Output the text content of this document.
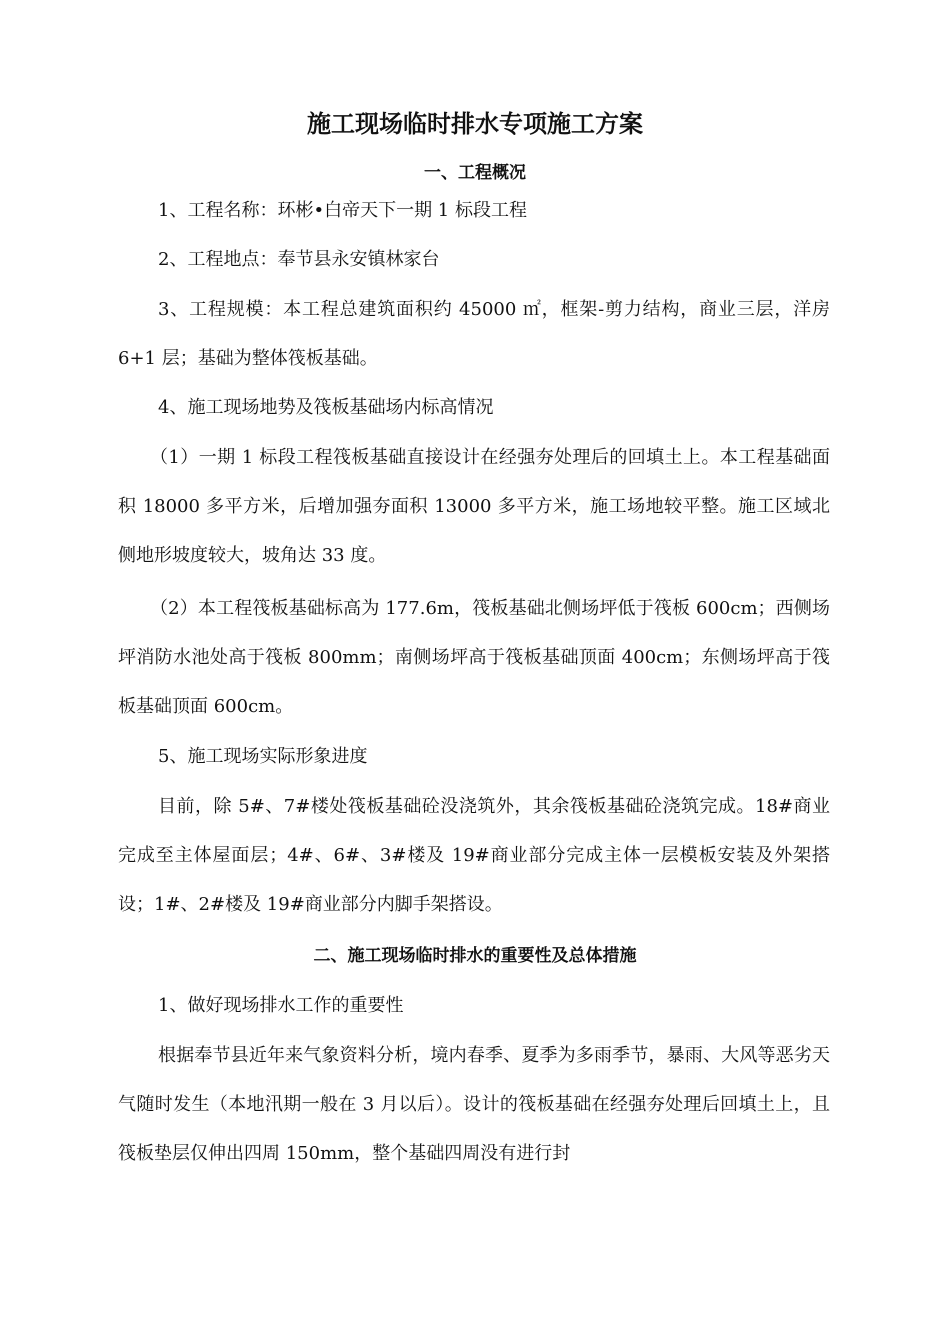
施工现场临时排水专项施工方案
一、工程概况
1、工程名称：环彬•白帝天下一期 1 标段工程
2、工程地点：奉节县永安镇林家台
3、工程规模：本工程总建筑面积约 45000 ㎡，框架-剪力结构，商业三层，洋房 6+1 层；基础为整体筏板基础。
4、施工现场地势及筏板基础场内标高情况
（1）一期 1 标段工程筏板基础直接设计在经强夯处理后的回填土上。本工程基础面积 18000 多平方米，后增加强夯面积 13000 多平方米，施工场地较平整。施工区域北侧地形坡度较大，坡角达 33 度。
（2）本工程筏板基础标高为 177.6m，筏板基础北侧场坪低于筏板 600cm；西侧场坪消防水池处高于筏板 800mm；南侧场坪高于筏板基础顶面 400cm；东侧场坪高于筏板基础顶面 600cm。
5、施工现场实际形象进度
目前，除 5#、7#楼处筏板基础砼没浇筑外，其余筏板基础砼浇筑完成。18#商业完成至主体屋面层；4#、6#、3#楼及 19#商业部分完成主体一层模板安装及外架搭设；1#、2#楼及 19#商业部分内脚手架搭设。
二、施工现场临时排水的重要性及总体措施
1、做好现场排水工作的重要性
根据奉节县近年来气象资料分析，境内春季、夏季为多雨季节，暴雨、大风等恶劣天气随时发生（本地汛期一般在 3 月以后）。设计的筏板基础在经强夯处理后回填土上，且筏板垫层仅伸出四周 150mm，整个基础四周没有进行封
